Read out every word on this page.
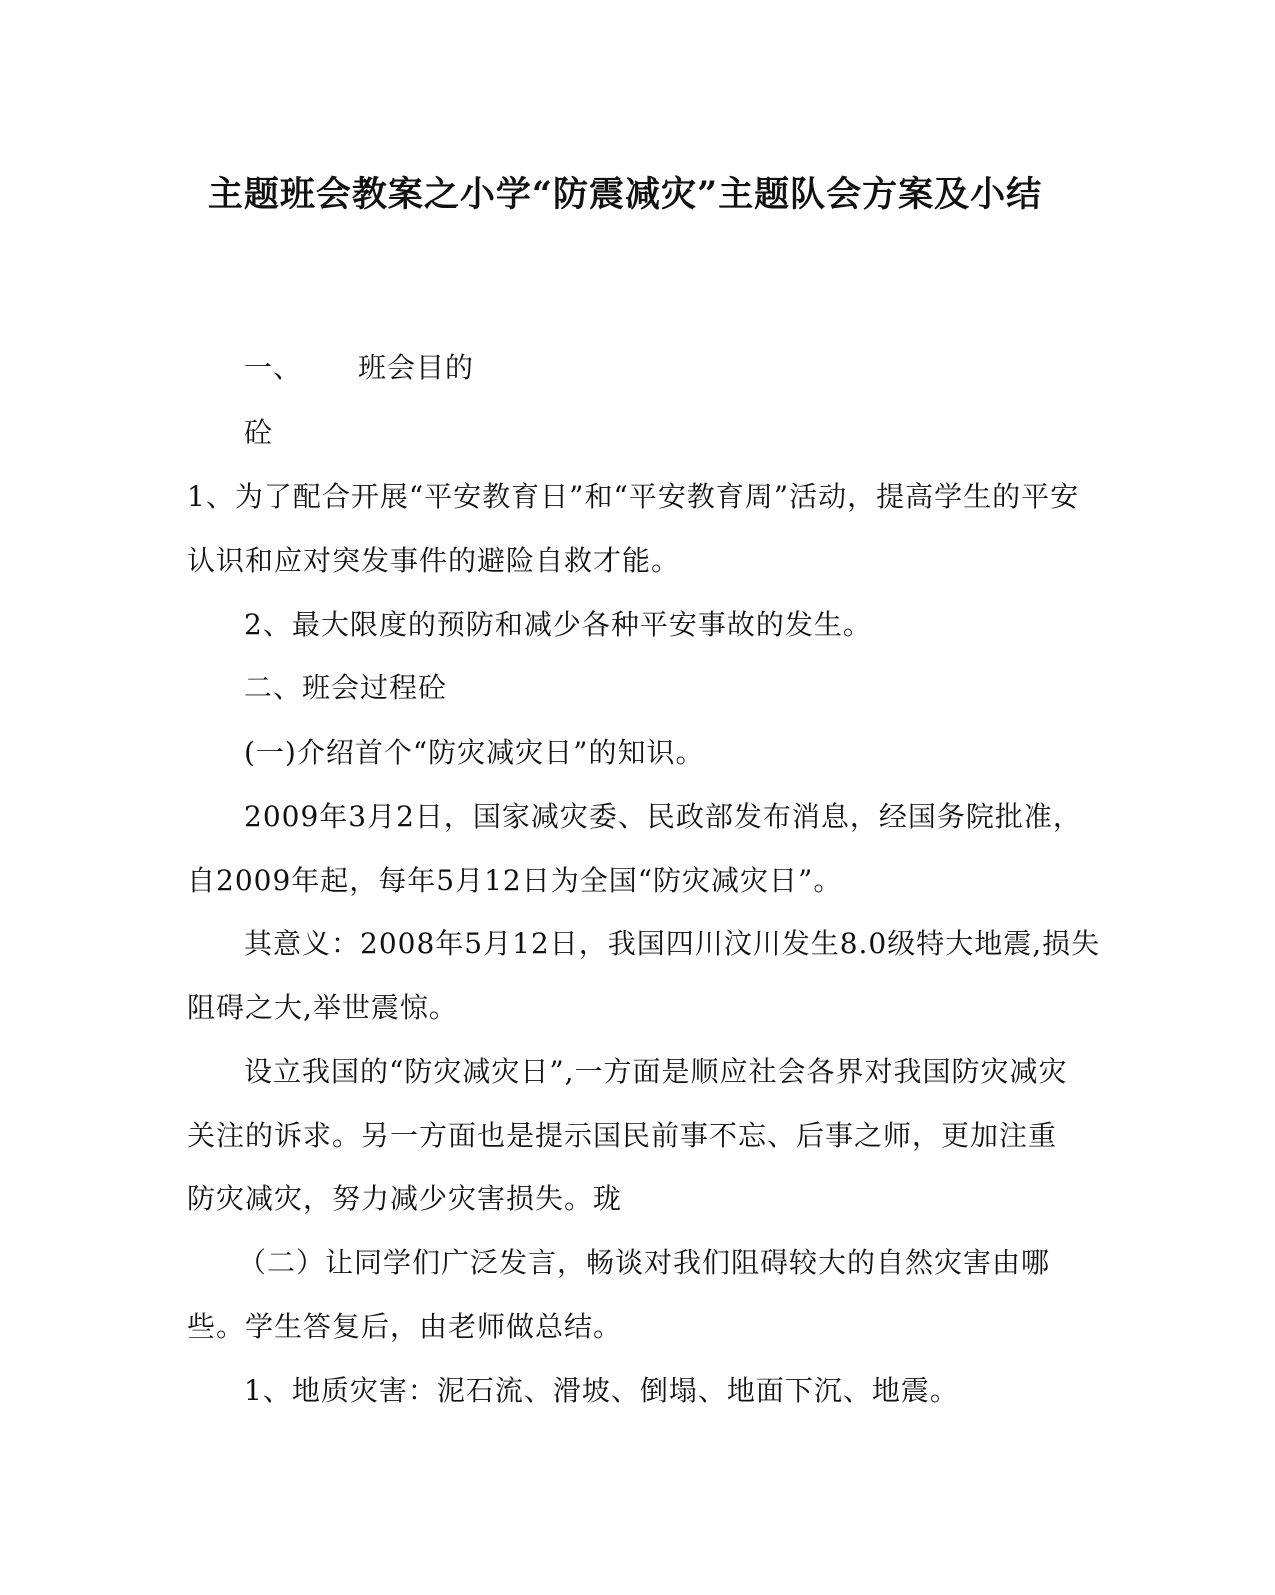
主题班会教案之小学“防震减灾”主题队会方案及小结
一、 班会目的
砼
1、为了配合开展“平安教育日”和“平安教育周”活动，提高学生的平安
认识和应对突发事件的避险自救才能。
2、最大限度的预防和减少各种平安事故的发生。
二、班会过程砼
(一)介绍首个“防灾减灾日”的知识。
2009年3月2日，国家减灾委、民政部发布消息，经国务院批准，
自2009年起，每年5月12日为全国“防灾减灾日”。
其意义：2008年5月12日，我国四川汶川发生8.0级特大地震,损失
阻碍之大,举世震惊。
设立我国的“防灾减灾日”,一方面是顺应社会各界对我国防灾减灾
关注的诉求。另一方面也是提示国民前事不忘、后事之师，更加注重
防灾减灾，努力减少灾害损失。珑
（二）让同学们广泛发言，畅谈对我们阻碍较大的自然灾害由哪
些。学生答复后，由老师做总结。
1、地质灾害：泥石流、滑坡、倒塌、地面下沉、地震。
